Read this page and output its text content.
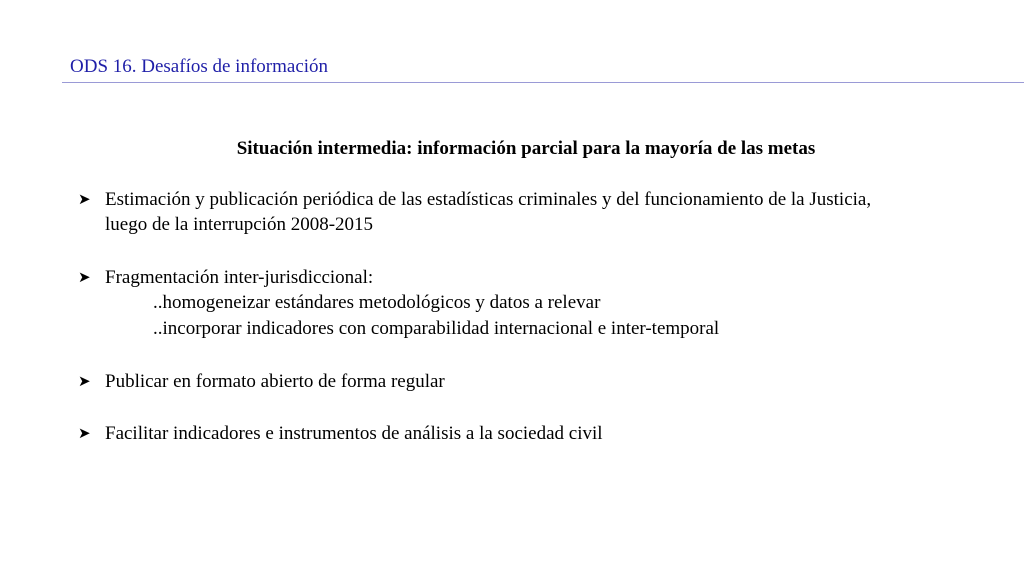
ODS 16. Desafíos de información
Situación intermedia: información parcial para la mayoría de las metas
➤ Estimación y publicación periódica de las estadísticas criminales y del funcionamiento de la Justicia,
luego de la interrupción 2008-2015
➤ Fragmentación inter-jurisdiccional:
..homogeneizar estándares metodológicos y datos a relevar
..incorporar indicadores con comparabilidad internacional e inter-temporal
➤ Publicar en formato abierto de forma regular
➤ Facilitar indicadores e instrumentos de análisis a la sociedad civil
